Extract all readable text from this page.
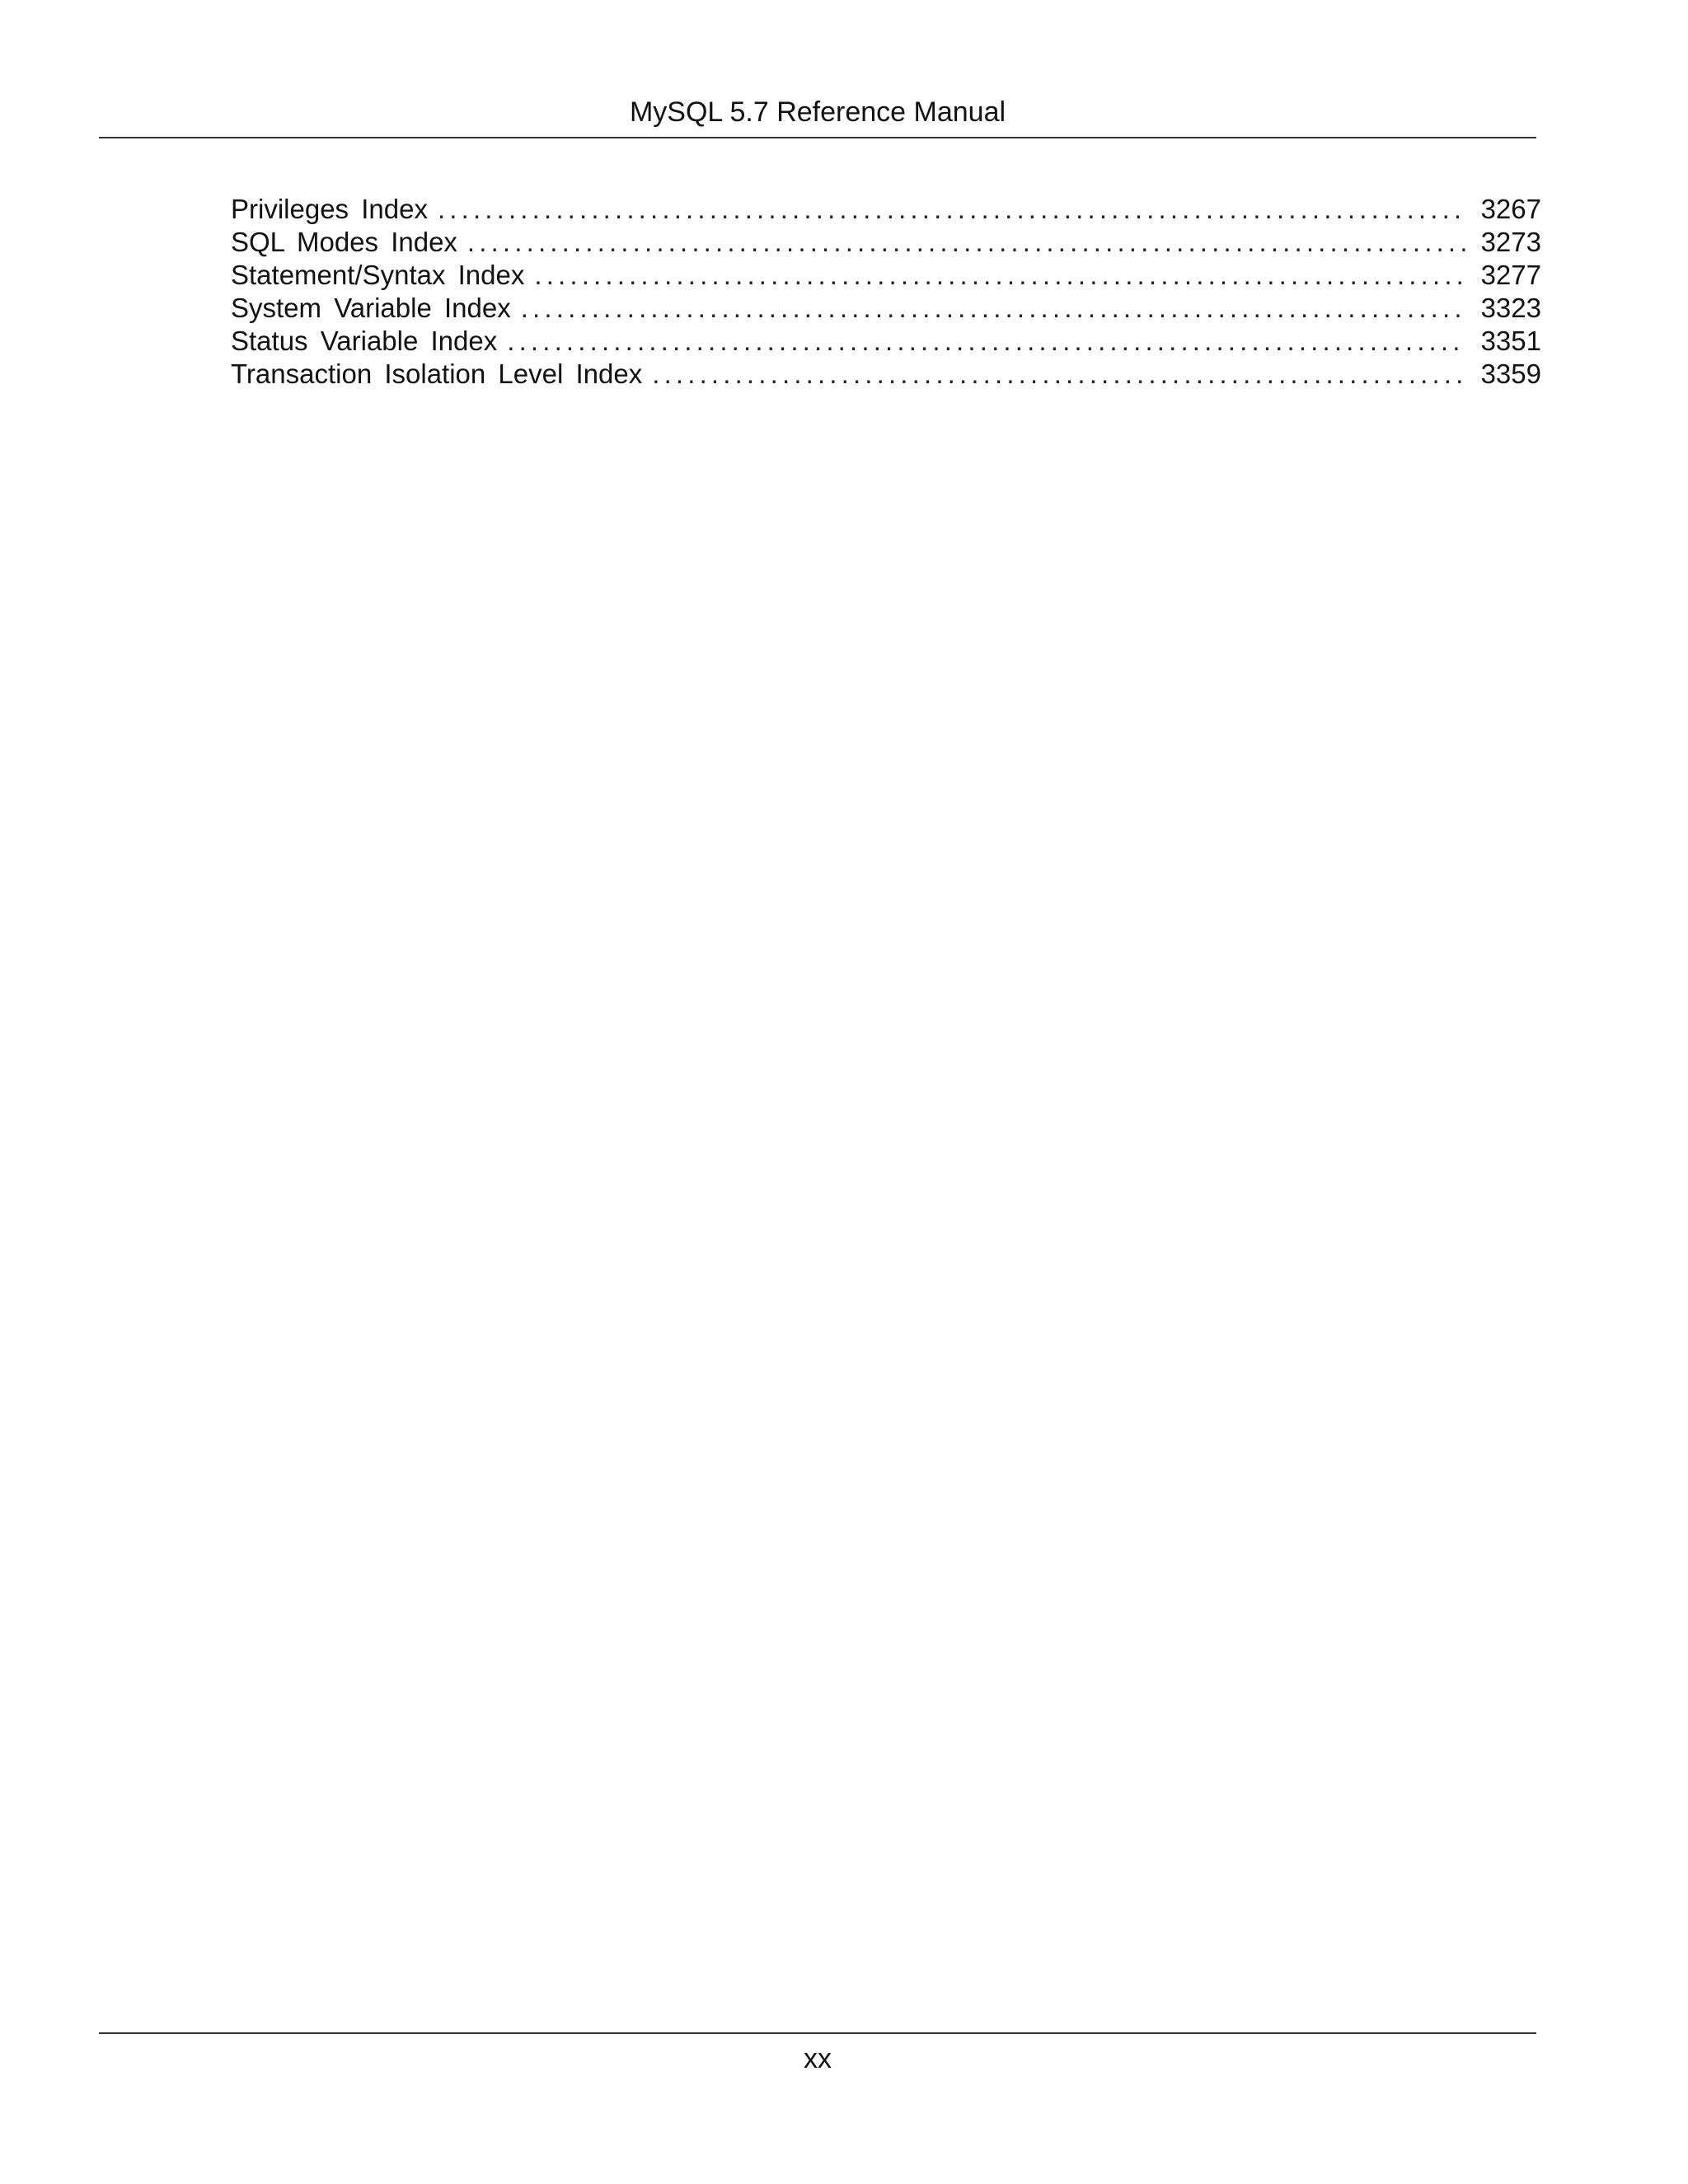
MySQL 5.7 Reference Manual
Privileges Index . . .	3267
SQL Modes Index . . .	3273
Statement/Syntax Index . . .	3277
System Variable Index . . .	3323
Status Variable Index . . .	3351
Transaction Isolation Level Index . . .	3359
xx
